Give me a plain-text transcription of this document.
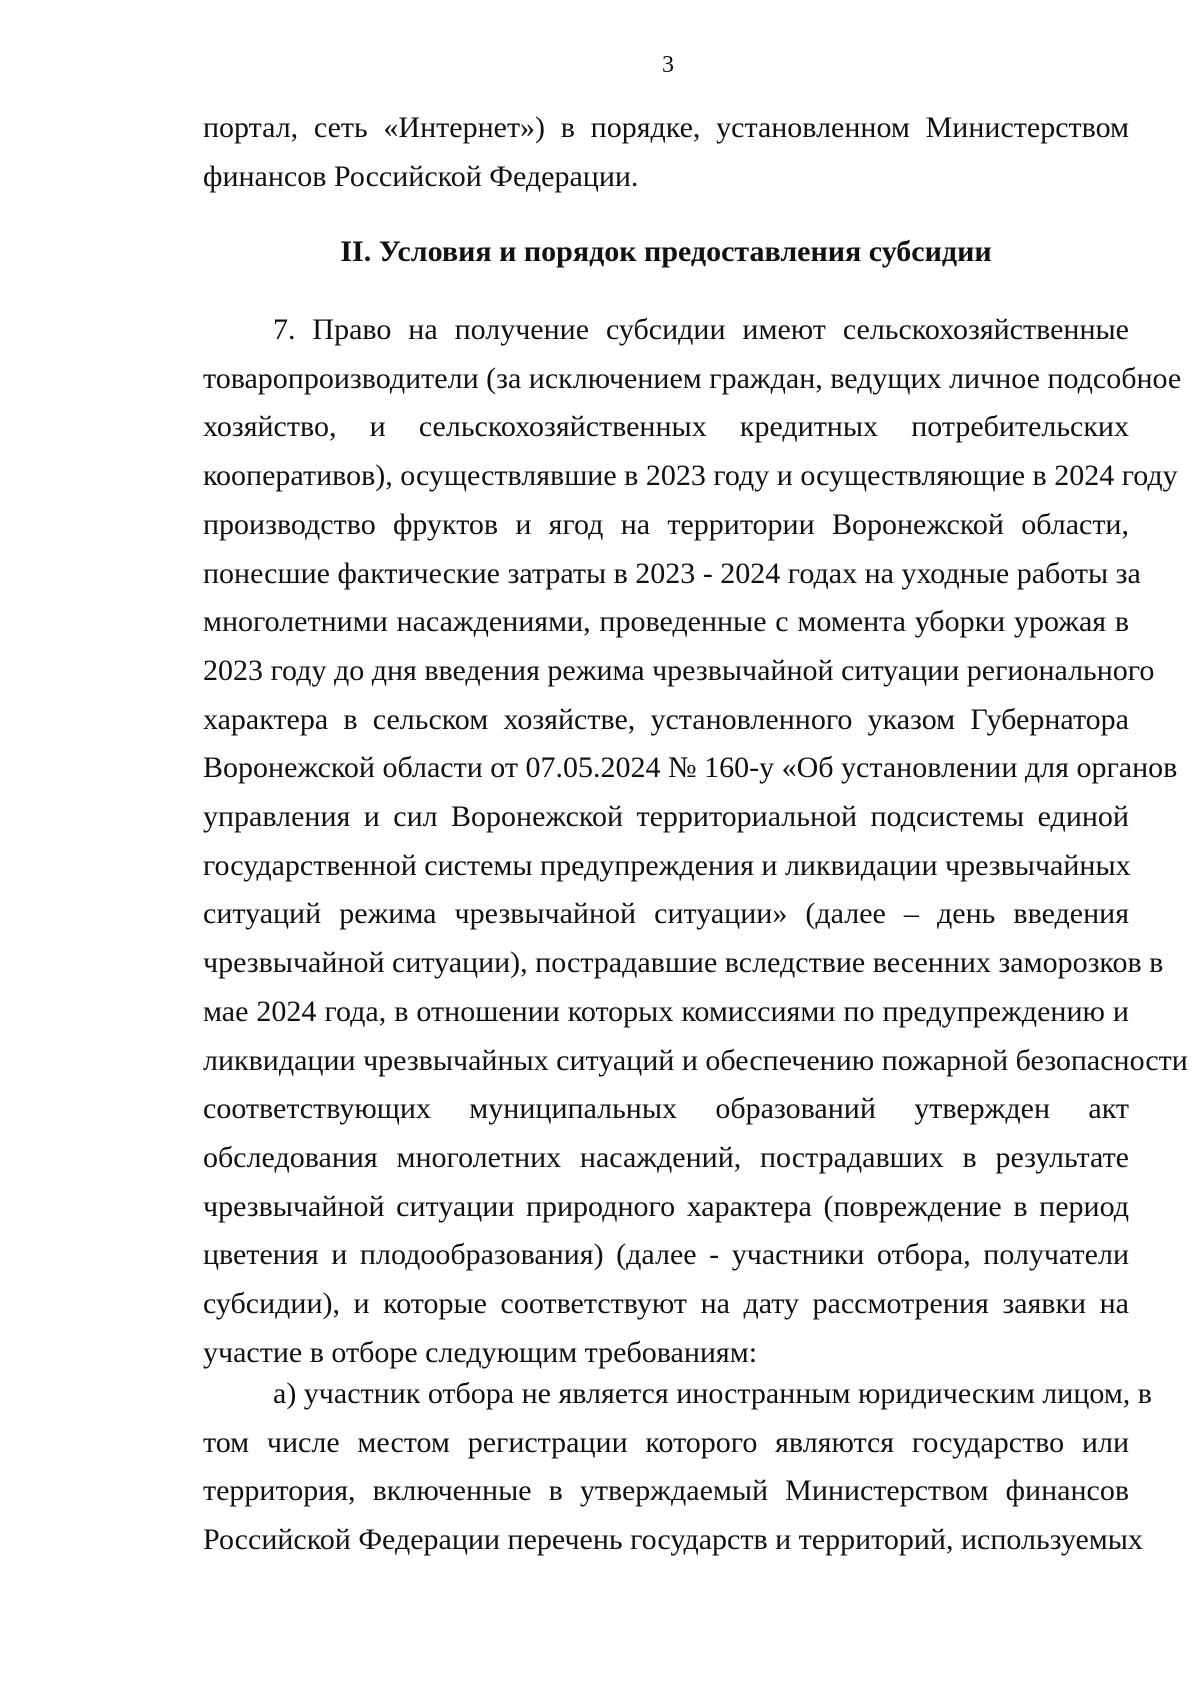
3
портал, сеть «Интернет») в порядке, установленном Министерством
финансов Российской Федерации.
II. Условия и порядок предоставления субсидии
7. Право на получение субсидии имеют сельскохозяйственные
товаропроизводители (за исключением граждан, ведущих личное подсобное
хозяйство, и сельскохозяйственных кредитных потребительских
кооперативов), осуществлявшие в 2023 году и осуществляющие в 2024 году
производство фруктов и ягод на территории Воронежской области,
понесшие фактические затраты в 2023 - 2024 годах на уходные работы за
многолетними насаждениями, проведенные с момента уборки урожая в
2023 году до дня введения режима чрезвычайной ситуации регионального
характера в сельском хозяйстве, установленного указом Губернатора
Воронежской области от 07.05.2024 № 160-у «Об установлении для органов
управления и сил Воронежской территориальной подсистемы единой
государственной системы предупреждения и ликвидации чрезвычайных
ситуаций режима чрезвычайной ситуации» (далее – день введения
чрезвычайной ситуации), пострадавшие вследствие весенних заморозков в
мае 2024 года, в отношении которых комиссиями по предупреждению и
ликвидации чрезвычайных ситуаций и обеспечению пожарной безопасности
соответствующих муниципальных образований утвержден акт
обследования многолетних насаждений, пострадавших в результате
чрезвычайной ситуации природного характера (повреждение в период
цветения и плодообразования) (далее - участники отбора, получатели
субсидии), и которые соответствуют на дату рассмотрения заявки на
участие в отборе следующим требованиям:
а) участник отбора не является иностранным юридическим лицом, в
том числе местом регистрации которого являются государство или
территория, включенные в утверждаемый Министерством финансов
Российской Федерации перечень государств и территорий, используемых
